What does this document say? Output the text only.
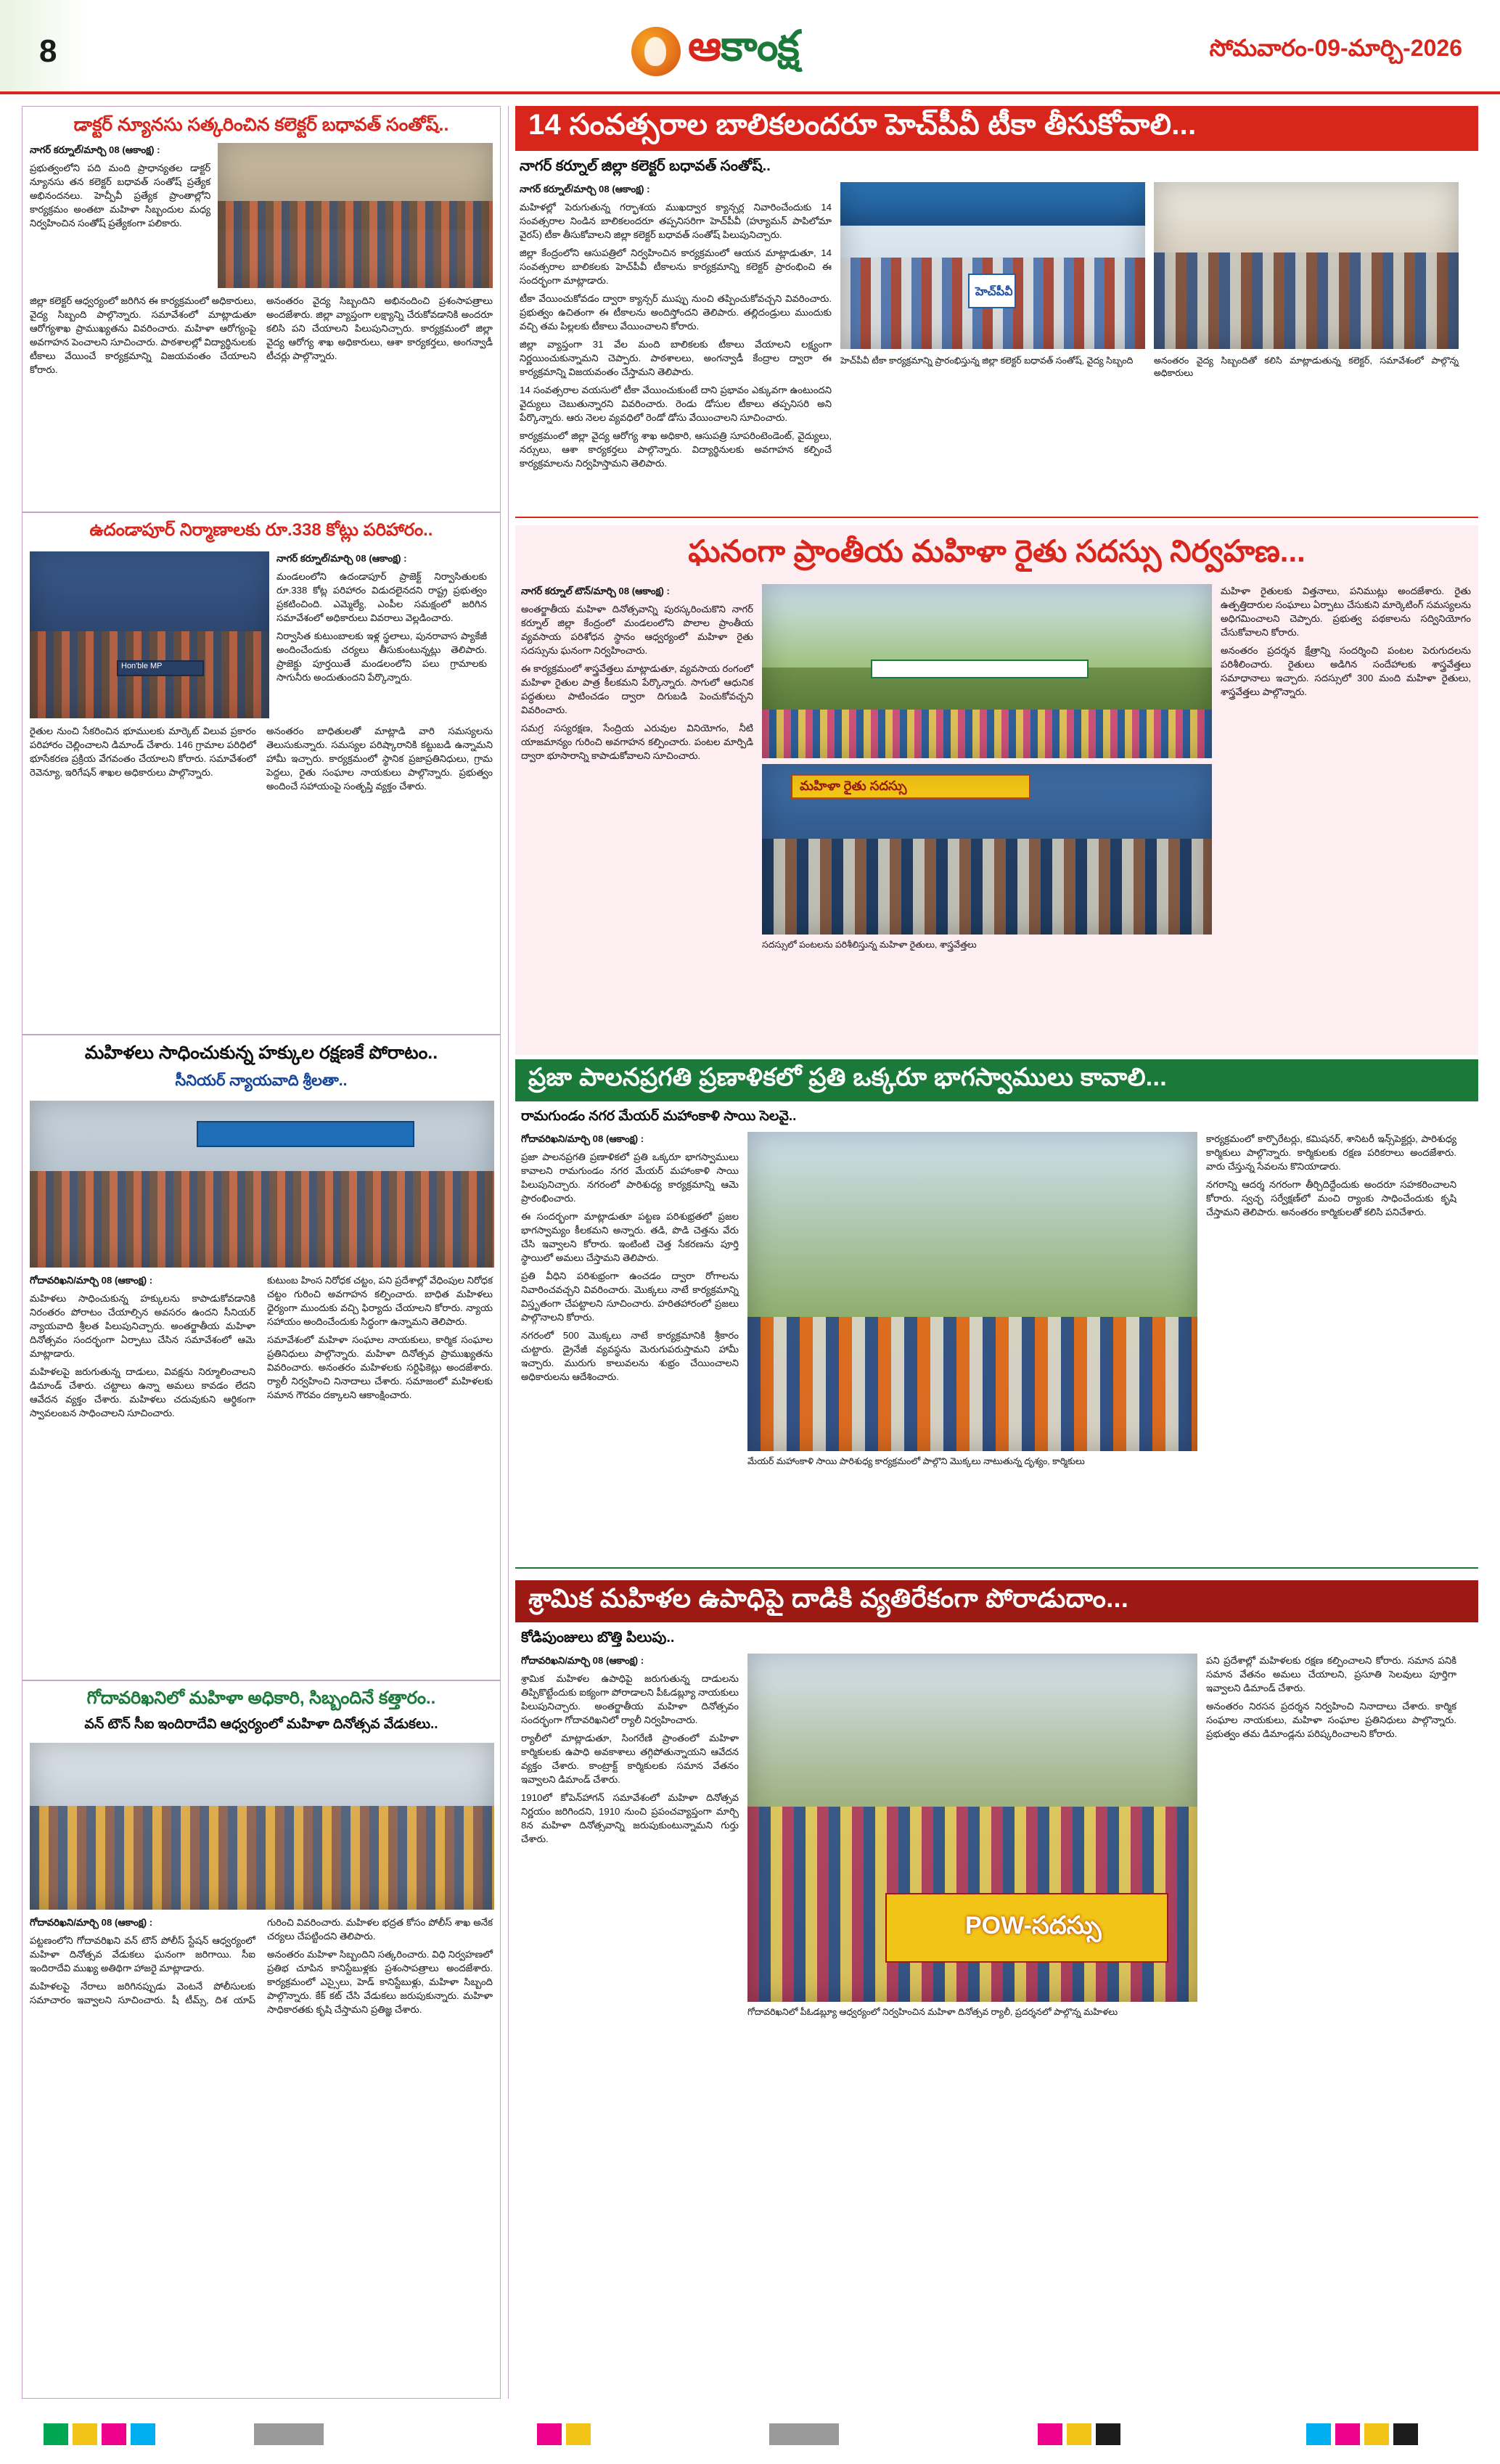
8	ఆకాంక్ష	సోమవారం-09-మార్చి-2026
డాక్టర్ న్యూనసు సత్కరించిన కలెక్టర్ బధావత్ సంతోష్..

నాగర్ కర్నూల్/మార్చి 08 (ఆకాంక్ష) :

ప్రభుత్వంలోని పది మంది ప్రాధాన్యతల డాక్టర్ న్యూనసు తన కలెక్టర్ బధావత్ సంతోష్ ప్రత్యేక అభినందనలు. హెచ్పీవీ ప్రత్యేక ప్రాంతాల్లోని కార్యక్రమం అంతటా మహిళా సిబ్బందుల మధ్య నిర్వహించిన సంతోష్ ప్రత్యేకంగా పలికారు.

జిల్లా కలెక్టర్ ఆధ్వర్యంలో జరిగిన ఈ కార్యక్రమంలో అధికారులు, వైద్య సిబ్బంది పాల్గొన్నారు. సమావేశంలో మాట్లాడుతూ ఆరోగ్యశాఖ ప్రాముఖ్యతను వివరించారు. మహిళా ఆరోగ్యంపై అవగాహన పెంచాలని సూచించారు. పాఠశాలల్లో విద్యార్థినులకు టీకాలు వేయించే కార్యక్రమాన్ని విజయవంతం చేయాలని కోరారు.

అనంతరం వైద్య సిబ్బందిని అభినందించి ప్రశంసాపత్రాలు అందజేశారు. జిల్లా వ్యాప్తంగా లక్ష్యాన్ని చేరుకోవడానికి అందరూ కలిసి పని చేయాలని పిలుపునిచ్చారు. కార్యక్రమంలో జిల్లా వైద్య ఆరోగ్య శాఖ అధికారులు, ఆశా కార్యకర్తలు, అంగన్వాడీ టీచర్లు పాల్గొన్నారు.

ఉదండాపూర్ నిర్మాణాలకు రూ.338 కోట్లు పరిహారం..
Hon'ble MP

నాగర్ కర్నూల్/మార్చి 08 (ఆకాంక్ష) :

మండలంలోని ఉదండాపూర్ ప్రాజెక్ట్ నిర్వాసితులకు రూ.338 కోట్ల పరిహారం విడుదలైనదని రాష్ట్ర ప్రభుత్వం ప్రకటించింది. ఎమ్మెల్యే, ఎంపీల సమక్షంలో జరిగిన సమావేశంలో అధికారులు వివరాలు వెల్లడించారు.

నిర్వాసిత కుటుంబాలకు ఇళ్ల స్థలాలు, పునరావాస ప్యాకేజీ అందించేందుకు చర్యలు తీసుకుంటున్నట్లు తెలిపారు. ప్రాజెక్టు పూర్తయితే మండలంలోని పలు గ్రామాలకు సాగునీరు అందుతుందని పేర్కొన్నారు.

రైతుల నుంచి సేకరించిన భూములకు మార్కెట్ విలువ ప్రకారం పరిహారం చెల్లించాలని డిమాండ్ చేశారు. 146 గ్రామాల పరిధిలో భూసేకరణ ప్రక్రియ వేగవంతం చేయాలని కోరారు. సమావేశంలో రెవెన్యూ, ఇరిగేషన్ శాఖల అధికారులు పాల్గొన్నారు.

అనంతరం బాధితులతో మాట్లాడి వారి సమస్యలను తెలుసుకున్నారు. సమస్యల పరిష్కారానికి కట్టుబడి ఉన్నామని హామీ ఇచ్చారు. కార్యక్రమంలో స్థానిక ప్రజాప్రతినిధులు, గ్రామ పెద్దలు, రైతు సంఘాల నాయకులు పాల్గొన్నారు. ప్రభుత్వం అందించే సహాయంపై సంతృప్తి వ్యక్తం చేశారు.

మహిళలు సాధించుకున్న హక్కుల రక్షణకే పోరాటం..
సీనియర్ న్యాయవాది శ్రీలతా..

గోదావరిఖని/మార్చి 08 (ఆకాంక్ష) :

మహిళలు సాధించుకున్న హక్కులను కాపాడుకోవడానికి నిరంతరం పోరాటం చేయాల్సిన అవసరం ఉందని సీనియర్ న్యాయవాది శ్రీలత పిలుపునిచ్చారు. అంతర్జాతీయ మహిళా దినోత్సవం సందర్భంగా ఏర్పాటు చేసిన సమావేశంలో ఆమె మాట్లాడారు.

మహిళలపై జరుగుతున్న దాడులు, వివక్షను నిర్మూలించాలని డిమాండ్ చేశారు. చట్టాలు ఉన్నా అమలు కావడం లేదని ఆవేదన వ్యక్తం చేశారు. మహిళలు చదువుకుని ఆర్థికంగా స్వావలంబన సాధించాలని సూచించారు.

కుటుంబ హింస నిరోధక చట్టం, పని ప్రదేశాల్లో వేధింపుల నిరోధక చట్టం గురించి అవగాహన కల్పించారు. బాధిత మహిళలు ధైర్యంగా ముందుకు వచ్చి ఫిర్యాదు చేయాలని కోరారు. న్యాయ సహాయం అందించేందుకు సిద్ధంగా ఉన్నామని తెలిపారు.

సమావేశంలో మహిళా సంఘాల నాయకులు, కార్మిక సంఘాల ప్రతినిధులు పాల్గొన్నారు. మహిళా దినోత్సవ ప్రాముఖ్యతను వివరించారు. అనంతరం మహిళలకు సర్టిఫికెట్లు అందజేశారు. ర్యాలీ నిర్వహించి నినాదాలు చేశారు. సమాజంలో మహిళలకు సమాన గౌరవం దక్కాలని ఆకాంక్షించారు.

గోదావరిఖనిలో మహిళా అధికారి, సిబ్బందినే కత్తారం..
వన్ టౌన్ సీఐ ఇందిరాదేవి ఆధ్వర్యంలో మహిళా దినోత్సవ వేడుకలు..

గోదావరిఖని/మార్చి 08 (ఆకాంక్ష) :

పట్టణంలోని గోదావరిఖని వన్ టౌన్ పోలీస్ స్టేషన్ ఆధ్వర్యంలో మహిళా దినోత్సవ వేడుకలు ఘనంగా జరిగాయి. సీఐ ఇందిరాదేవి ముఖ్య అతిథిగా హాజరై మాట్లాడారు.

మహిళలపై నేరాలు జరిగినప్పుడు వెంటనే పోలీసులకు సమాచారం ఇవ్వాలని సూచించారు. షీ టీమ్స్, దిశ యాప్ గురించి వివరించారు. మహిళల భద్రత కోసం పోలీస్ శాఖ అనేక చర్యలు చేపట్టిందని తెలిపారు.

అనంతరం మహిళా సిబ్బందిని సత్కరించారు. విధి నిర్వహణలో ప్రతిభ చూపిన కానిస్టేబుళ్లకు ప్రశంసాపత్రాలు అందజేశారు. కార్యక్రమంలో ఎస్సైలు, హెడ్ కానిస్టేబుళ్లు, మహిళా సిబ్బంది పాల్గొన్నారు. కేక్ కట్ చేసి వేడుకలు జరుపుకున్నారు. మహిళా సాధికారతకు కృషి చేస్తామని ప్రతిజ్ఞ చేశారు.

14 సంవత్సరాల బాలికలందరూ హెచ్‌పీవీ టీకా తీసుకోవాలి...
నాగర్ కర్నూల్ జిల్లా కలెక్టర్ బధావత్ సంతోష్..

నాగర్ కర్నూల్/మార్చి 08 (ఆకాంక్ష) :

మహిళల్లో పెరుగుతున్న గర్భాశయ ముఖద్వార క్యాన్సర్ల నివారించేందుకు 14 సంవత్సరాల నిండిన బాలికలందరూ తప్పనిసరిగా హెచ్‌పీవీ (హ్యూమన్ పాపిలోమా వైరస్) టీకా తీసుకోవాలని జిల్లా కలెక్టర్ బధావత్ సంతోష్ పిలుపునిచ్చారు.

జిల్లా కేంద్రంలోని ఆసుపత్రిలో నిర్వహించిన కార్యక్రమంలో ఆయన మాట్లాడుతూ, 14 సంవత్సరాల బాలికలకు హెచ్‌పీవీ టీకాలను కార్యక్రమాన్ని కలెక్టర్ ప్రారంభించి ఈ సందర్భంగా మాట్లాడారు.

టీకా వేయించుకోవడం ద్వారా క్యాన్సర్ ముప్పు నుంచి తప్పించుకోవచ్చని వివరించారు. ప్రభుత్వం ఉచితంగా ఈ టీకాలను అందిస్తోందని తెలిపారు. తల్లిదండ్రులు ముందుకు వచ్చి తమ పిల్లలకు టీకాలు వేయించాలని కోరారు.

జిల్లా వ్యాప్తంగా 31 వేల మంది బాలికలకు టీకాలు వేయాలని లక్ష్యంగా నిర్ణయించుకున్నామని చెప్పారు. పాఠశాలలు, అంగన్వాడీ కేంద్రాల ద్వారా ఈ కార్యక్రమాన్ని విజయవంతం చేస్తామని తెలిపారు.

14 సంవత్సరాల వయసులో టీకా వేయించుకుంటే దాని ప్రభావం ఎక్కువగా ఉంటుందని వైద్యులు చెబుతున్నారని వివరించారు. రెండు డోసుల టీకాలు తప్పనిసరి అని పేర్కొన్నారు. ఆరు నెలల వ్యవధిలో రెండో డోసు వేయించాలని సూచించారు.

కార్యక్రమంలో జిల్లా వైద్య ఆరోగ్య శాఖ అధికారి, ఆసుపత్రి సూపరింటెండెంట్, వైద్యులు, నర్సులు, ఆశా కార్యకర్తలు పాల్గొన్నారు. విద్యార్థినులకు అవగాహన కల్పించే కార్యక్రమాలను నిర్వహిస్తామని తెలిపారు.

హెచ్‌పీవీ
హెచ్‌పీవీ టీకా కార్యక్రమాన్ని ప్రారంభిస్తున్న జిల్లా కలెక్టర్ బధావత్ సంతోష్, వైద్య సిబ్బంది	అనంతరం వైద్య సిబ్బందితో కలిసి మాట్లాడుతున్న కలెక్టర్, సమావేశంలో పాల్గొన్న అధికారులు
ఘనంగా ప్రాంతీయ మహిళా రైతు సదస్సు నిర్వహణ...

నాగర్ కర్నూల్ టౌన్/మార్చి 08 (ఆకాంక్ష) :

అంతర్జాతీయ మహిళా దినోత్సవాన్ని పురస్కరించుకొని నాగర్ కర్నూల్ జిల్లా కేంద్రంలో మండలంలోని పొలాల ప్రాంతీయ వ్యవసాయ పరిశోధన స్థానం ఆధ్వర్యంలో మహిళా రైతు సదస్సును ఘనంగా నిర్వహించారు.

ఈ కార్యక్రమంలో శాస్త్రవేత్తలు మాట్లాడుతూ, వ్యవసాయ రంగంలో మహిళా రైతుల పాత్ర కీలకమని పేర్కొన్నారు. సాగులో ఆధునిక పద్ధతులు పాటించడం ద్వారా దిగుబడి పెంచుకోవచ్చని వివరించారు.

సమగ్ర సస్యరక్షణ, సేంద్రియ ఎరువుల వినియోగం, నీటి యాజమాన్యం గురించి అవగాహన కల్పించారు. పంటల మార్పిడి ద్వారా భూసారాన్ని కాపాడుకోవాలని సూచించారు.

మహిళా రైతు సదస్సు
సదస్సులో పంటలను పరిశీలిస్తున్న మహిళా రైతులు, శాస్త్రవేత్తలు

మహిళా రైతులకు విత్తనాలు, పనిముట్లు అందజేశారు. రైతు ఉత్పత్తిదారుల సంఘాలు ఏర్పాటు చేసుకుని మార్కెటింగ్ సమస్యలను అధిగమించాలని చెప్పారు. ప్రభుత్వ పథకాలను సద్వినియోగం చేసుకోవాలని కోరారు.

అనంతరం ప్రదర్శన క్షేత్రాన్ని సందర్శించి పంటల పెరుగుదలను పరిశీలించారు. రైతులు అడిగిన సందేహాలకు శాస్త్రవేత్తలు సమాధానాలు ఇచ్చారు. సదస్సులో 300 మంది మహిళా రైతులు, శాస్త్రవేత్తలు పాల్గొన్నారు.

ప్రజా పాలనప్రగతి ప్రణాళికలో ప్రతి ఒక్కరూ భాగస్వాములు కావాలి...
రామగుండం నగర మేయర్ మహాంకాళి సాయి సెలవై..

గోదావరిఖని/మార్చి 08 (ఆకాంక్ష) :

ప్రజా పాలనప్రగతి ప్రణాళికలో ప్రతి ఒక్కరూ భాగస్వాములు కావాలని రామగుండం నగర మేయర్ మహాంకాళి సాయి పిలుపునిచ్చారు. నగరంలో పారిశుధ్య కార్యక్రమాన్ని ఆమె ప్రారంభించారు.

ఈ సందర్భంగా మాట్లాడుతూ పట్టణ పరిశుభ్రతలో ప్రజల భాగస్వామ్యం కీలకమని అన్నారు. తడి, పొడి చెత్తను వేరు చేసి ఇవ్వాలని కోరారు. ఇంటింటి చెత్త సేకరణను పూర్తి స్థాయిలో అమలు చేస్తామని తెలిపారు.

ప్రతి వీధిని పరిశుభ్రంగా ఉంచడం ద్వారా రోగాలను నివారించవచ్చని వివరించారు. మొక్కలు నాటే కార్యక్రమాన్ని విస్తృతంగా చేపట్టాలని సూచించారు. హరితహారంలో ప్రజలు పాల్గొనాలని కోరారు.

నగరంలో 500 మొక్కలు నాటే కార్యక్రమానికి శ్రీకారం చుట్టారు. డ్రైనేజీ వ్యవస్థను మెరుగుపరుస్తామని హామీ ఇచ్చారు. మురుగు కాలువలను శుభ్రం చేయించాలని అధికారులను ఆదేశించారు.

మేయర్ మహాంకాళి సాయి పారిశుధ్య కార్యక్రమంలో పాల్గొని మొక్కలు నాటుతున్న దృశ్యం, కార్మికులు

కార్యక్రమంలో కార్పొరేటర్లు, కమిషనర్, శానిటరీ ఇన్స్‌పెక్టర్లు, పారిశుధ్య కార్మికులు పాల్గొన్నారు. కార్మికులకు రక్షణ పరికరాలు అందజేశారు. వారు చేస్తున్న సేవలను కొనియాడారు.

నగరాన్ని ఆదర్శ నగరంగా తీర్చిదిద్దేందుకు అందరూ సహకరించాలని కోరారు. స్వచ్ఛ సర్వేక్షణ్‌లో మంచి ర్యాంకు సాధించేందుకు కృషి చేస్తామని తెలిపారు. అనంతరం కార్మికులతో కలిసి పనిచేశారు.

శ్రామిక మహిళల ఉపాధిపై దాడికి వ్యతిరేకంగా పోరాడుదాం...
కోడిపుంజులు బొత్తి పిలుపు..

గోదావరిఖని/మార్చి 08 (ఆకాంక్ష) :

శ్రామిక మహిళల ఉపాధిపై జరుగుతున్న దాడులను తిప్పికొట్టేందుకు ఐక్యంగా పోరాడాలని పీఓడబ్ల్యూ నాయకులు పిలుపునిచ్చారు. అంతర్జాతీయ మహిళా దినోత్సవం సందర్భంగా గోదావరిఖనిలో ర్యాలీ నిర్వహించారు.

ర్యాలీలో మాట్లాడుతూ, సింగరేణి ప్రాంతంలో మహిళా కార్మికులకు ఉపాధి అవకాశాలు తగ్గిపోతున్నాయని ఆవేదన వ్యక్తం చేశారు. కాంట్రాక్ట్ కార్మికులకు సమాన వేతనం ఇవ్వాలని డిమాండ్ చేశారు.

1910లో కోపెన్‌హాగన్ సమావేశంలో మహిళా దినోత్సవ నిర్ణయం జరిగిందని, 1910 నుంచి ప్రపంచవ్యాప్తంగా మార్చి 8న మహిళా దినోత్సవాన్ని జరుపుకుంటున్నామని గుర్తు చేశారు.

POW-సదస్సు
గోదావరిఖనిలో పీఓడబ్ల్యూ ఆధ్వర్యంలో నిర్వహించిన మహిళా దినోత్సవ ర్యాలీ, ప్రదర్శనలో పాల్గొన్న మహిళలు

పని ప్రదేశాల్లో మహిళలకు రక్షణ కల్పించాలని కోరారు. సమాన పనికి సమాన వేతనం అమలు చేయాలని, ప్రసూతి సెలవులు పూర్తిగా ఇవ్వాలని డిమాండ్ చేశారు.

అనంతరం నిరసన ప్రదర్శన నిర్వహించి నినాదాలు చేశారు. కార్మిక సంఘాల నాయకులు, మహిళా సంఘాల ప్రతినిధులు పాల్గొన్నారు. ప్రభుత్వం తమ డిమాండ్లను పరిష్కరించాలని కోరారు.
